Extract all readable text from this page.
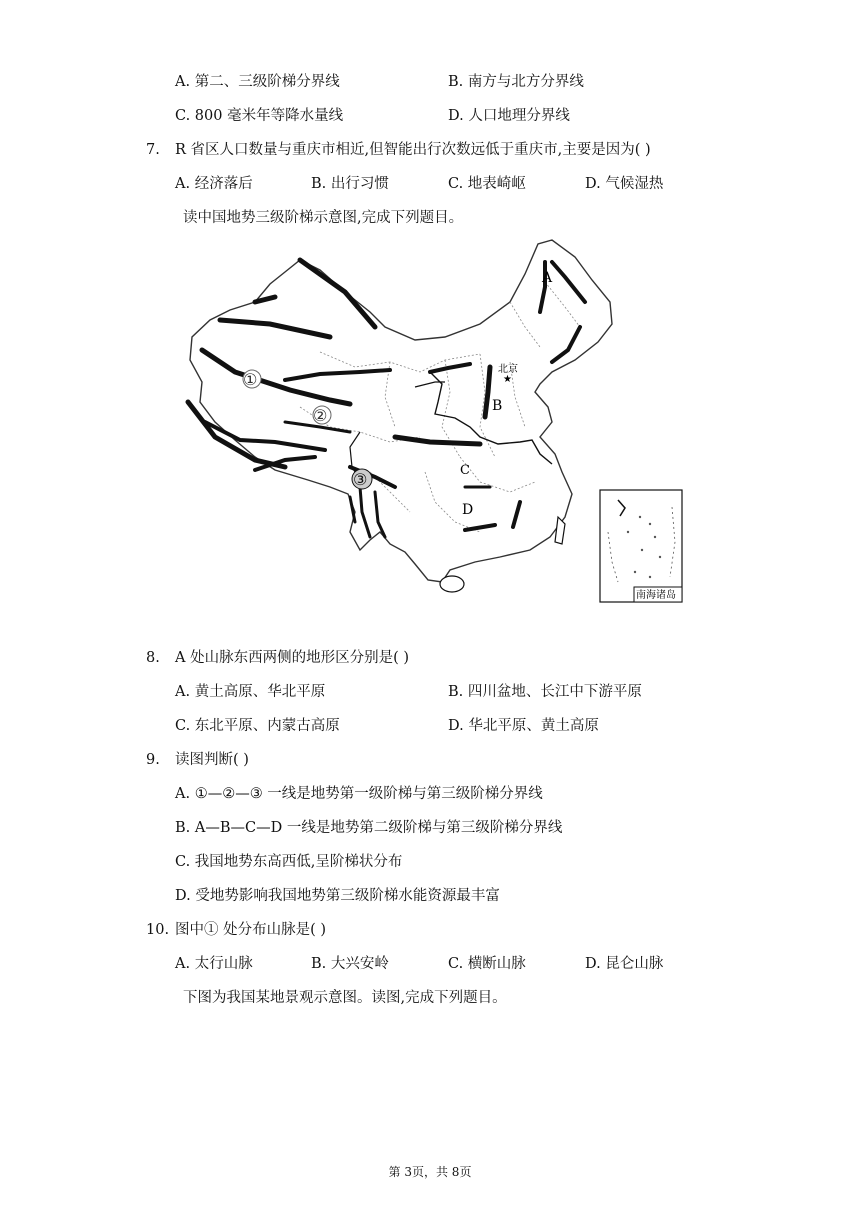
A. 第二、三级阶梯分界线	B. 南方与北方分界线
C. 800 毫米年等降水量线	D. 人口地理分界线
7. R 省区人口数量与重庆市相近,但智能出行次数远低于重庆市,主要是因为( )
A. 经济落后	B. 出行习惯	C. 地表崎岖	D. 气候湿热
读中国地势三级阶梯示意图,完成下列题目。
A
B
C
D
★
北京
①
②
③
南海诸岛
8. A 处山脉东西两侧的地形区分别是( )
A. 黄土高原、华北平原	B. 四川盆地、长江中下游平原
C. 东北平原、内蒙古高原	D. 华北平原、黄土高原
9. 读图判断( )
A. ①—②—③ 一线是地势第一级阶梯与第三级阶梯分界线
B. A—B—C—D 一线是地势第二级阶梯与第三级阶梯分界线
C. 我国地势东高西低,呈阶梯状分布
D. 受地势影响我国地势第三级阶梯水能资源最丰富
10. 图中① 处分布山脉是( )
A. 太行山脉	B. 大兴安岭	C. 横断山脉	D. 昆仑山脉
下图为我国某地景观示意图。读图,完成下列题目。
第 3页，共 8页
